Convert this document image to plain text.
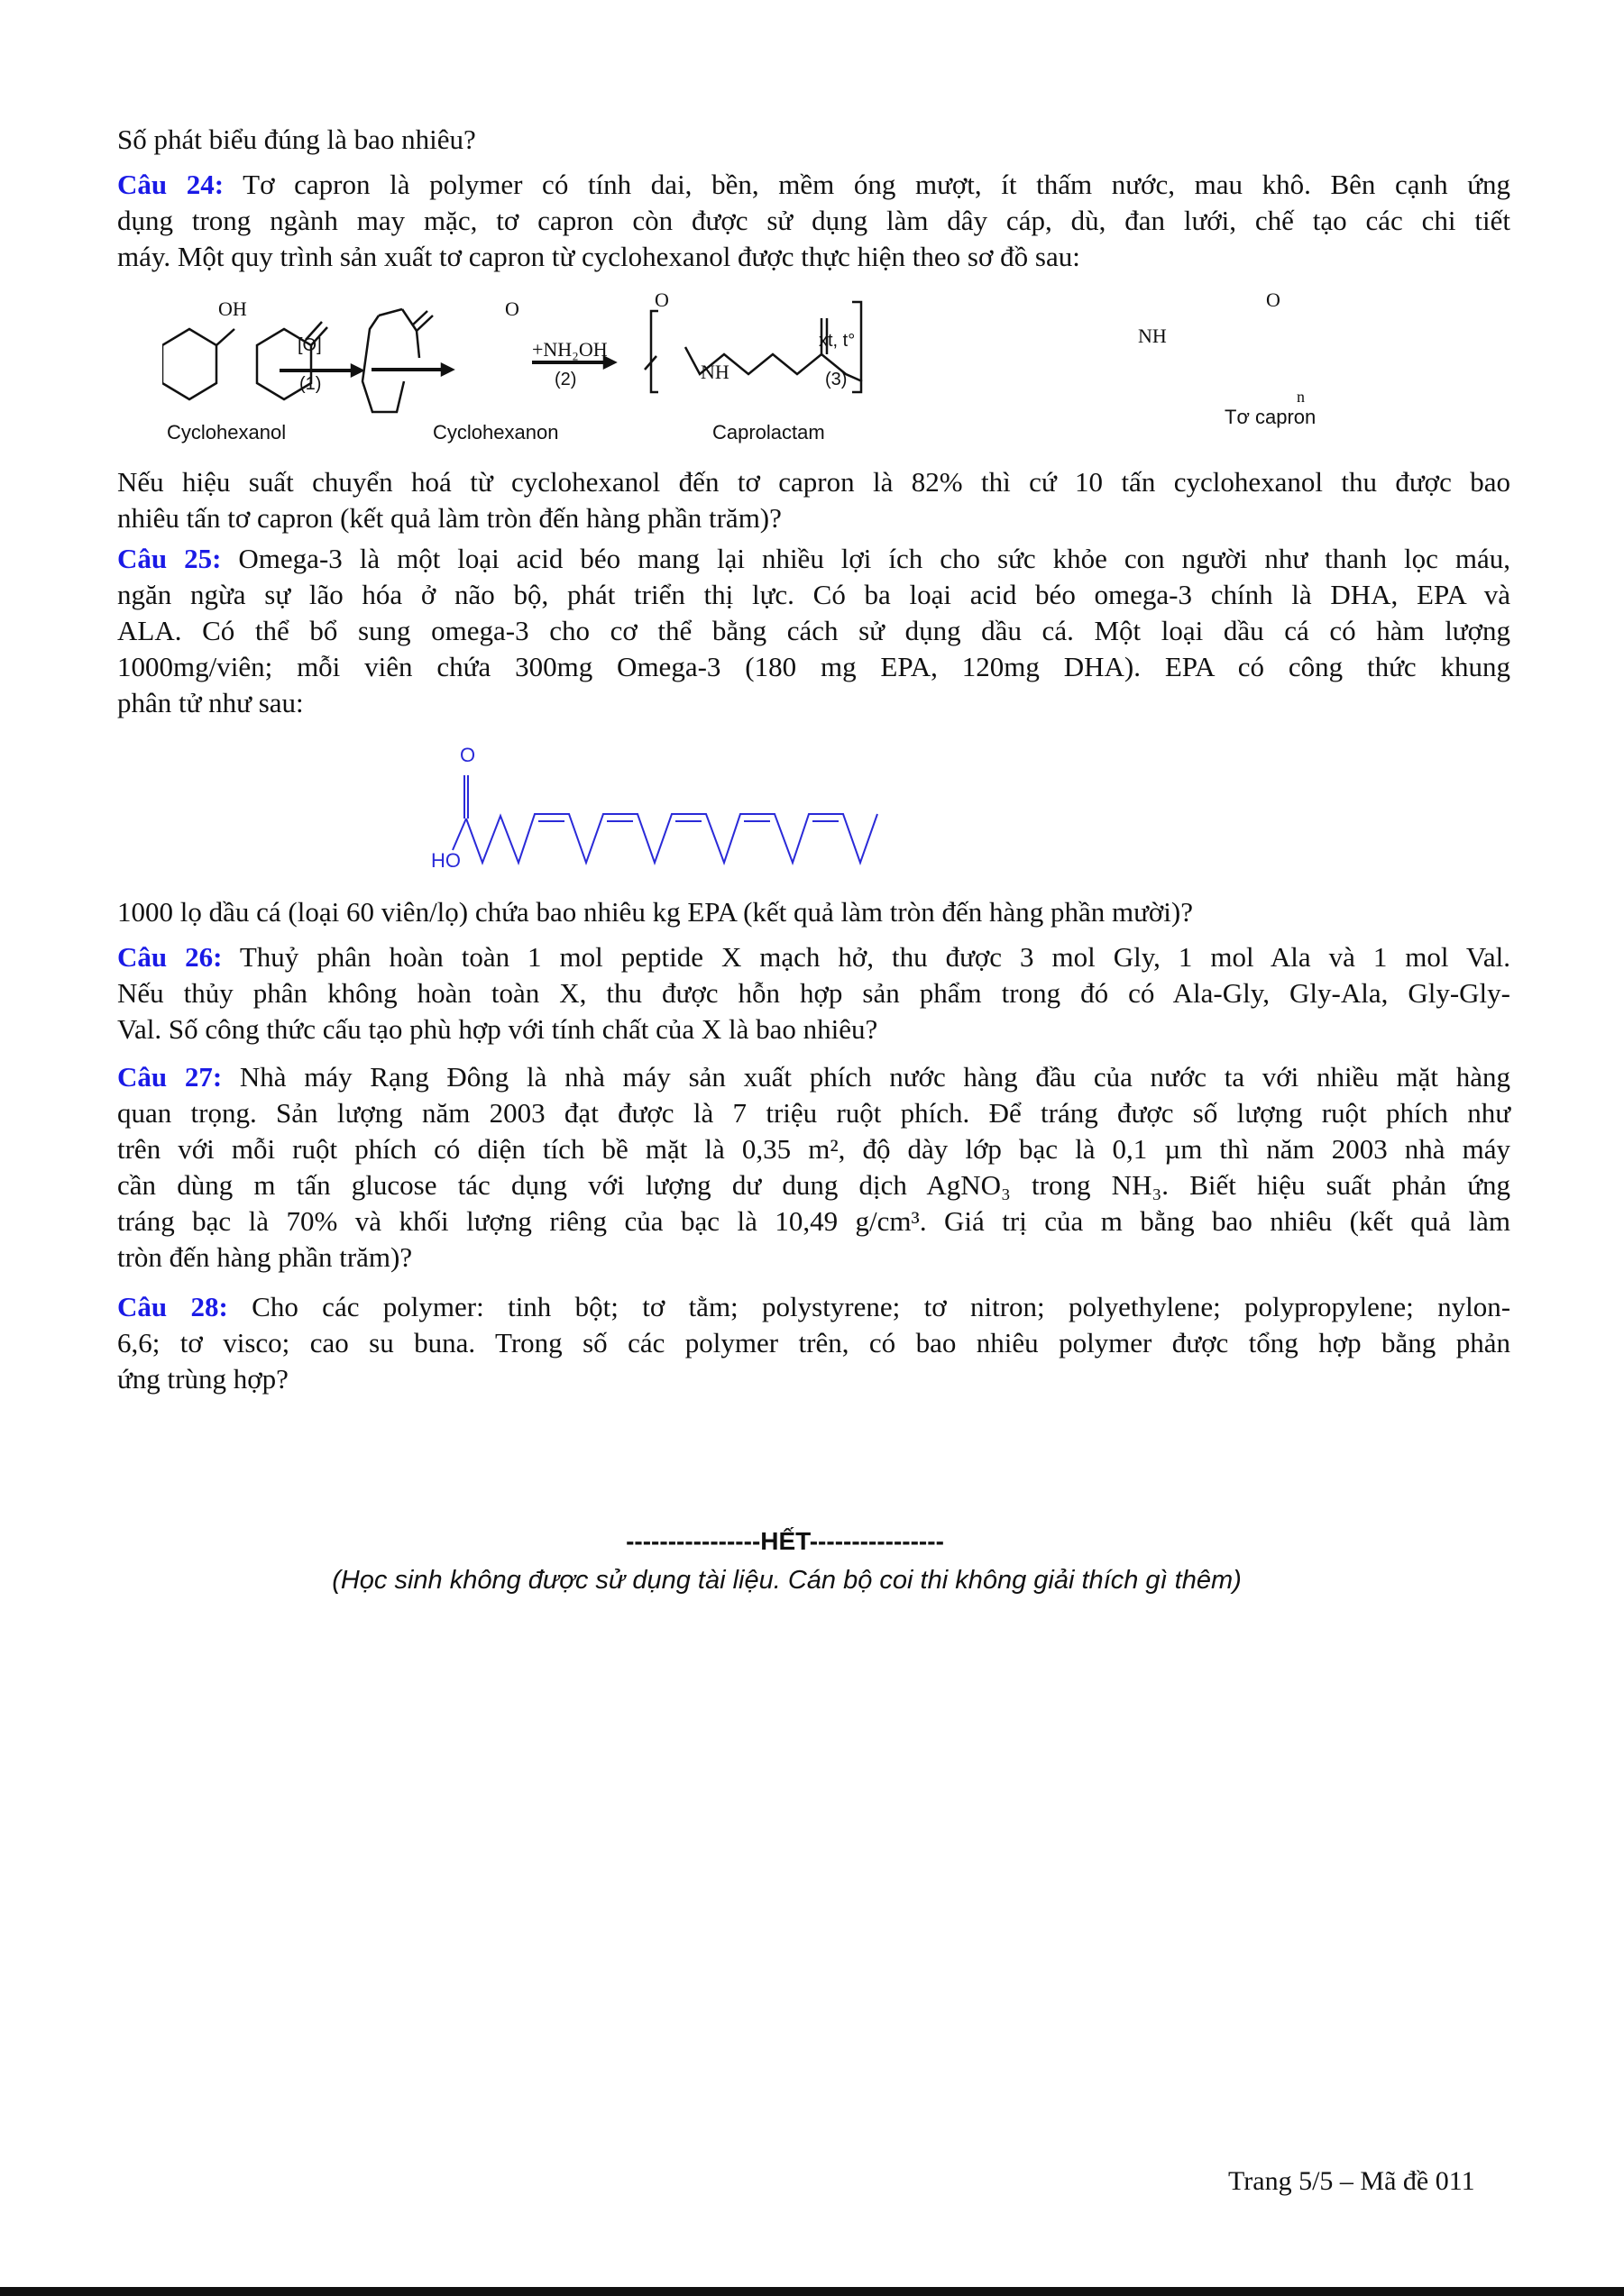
Số phát biểu đúng là bao nhiêu?
Câu 24: Tơ capron là polymer có tính dai, bền, mềm óng mượt, ít thấm nước, mau khô. Bên cạnh ứng
dụng trong ngành may mặc, tơ capron còn được sử dụng làm dây cáp, dù, đan lưới, chế tạo các chi tiết
máy. Một quy trình sản xuất tơ capron từ cyclohexanol được thực hiện theo sơ đồ sau:
OH
[O]
(1)
O
+NH₂OH
(2)
O
NH
xt, t°
(3)
NH
O
n
Cyclohexanol	Cyclohexanon	Caprolactam
Tơ capron
Nếu hiệu suất chuyển hoá từ cyclohexanol đến tơ capron là 82% thì cứ 10 tấn cyclohexanol thu được bao
nhiêu tấn tơ capron (kết quả làm tròn đến hàng phần trăm)?
Câu 25: Omega-3 là một loại acid béo mang lại nhiều lợi ích cho sức khỏe con người như thanh lọc máu,
ngăn ngừa sự lão hóa ở não bộ, phát triển thị lực. Có ba loại acid béo omega-3 chính là DHA, EPA và
ALA. Có thể bổ sung omega-3 cho cơ thể bằng cách sử dụng dầu cá. Một loại dầu cá có hàm lượng
1000mg/viên; mỗi viên chứa 300mg Omega-3 (180 mg EPA, 120mg DHA). EPA có công thức khung
phân tử như sau:
O
HO
1000 lọ dầu cá (loại 60 viên/lọ) chứa bao nhiêu kg EPA (kết quả làm tròn đến hàng phần mười)?
Câu 26: Thuỷ phân hoàn toàn 1 mol peptide X mạch hở, thu được 3 mol Gly, 1 mol Ala và 1 mol Val.
Nếu thủy phân không hoàn toàn X, thu được hỗn hợp sản phẩm trong đó có Ala-Gly, Gly-Ala, Gly-Gly-
Val. Số công thức cấu tạo phù hợp với tính chất của X là bao nhiêu?
Câu 27: Nhà máy Rạng Đông là nhà máy sản xuất phích nước hàng đầu của nước ta với nhiều mặt hàng
quan trọng. Sản lượng năm 2003 đạt được là 7 triệu ruột phích. Để tráng được số lượng ruột phích như
trên với mỗi ruột phích có diện tích bề mặt là 0,35 m², độ dày lớp bạc là 0,1 µm thì năm 2003 nhà máy
cần dùng m tấn glucose tác dụng với lượng dư dung dịch AgNO₃ trong NH₃. Biết hiệu suất phản ứng
tráng bạc là 70% và khối lượng riêng của bạc là 10,49 g/cm³. Giá trị của m bằng bao nhiêu (kết quả làm
tròn đến hàng phần trăm)?
Câu 28: Cho các polymer: tinh bột; tơ tằm; polystyrene; tơ nitron; polyethylene; polypropylene; nylon-
6,6; tơ visco; cao su buna. Trong số các polymer trên, có bao nhiêu polymer được tổng hợp bằng phản
ứng trùng hợp?
----------------HẾT----------------
(Học sinh không được sử dụng tài liệu. Cán bộ coi thi không giải thích gì thêm)
Trang 5/5 – Mã đề 011
